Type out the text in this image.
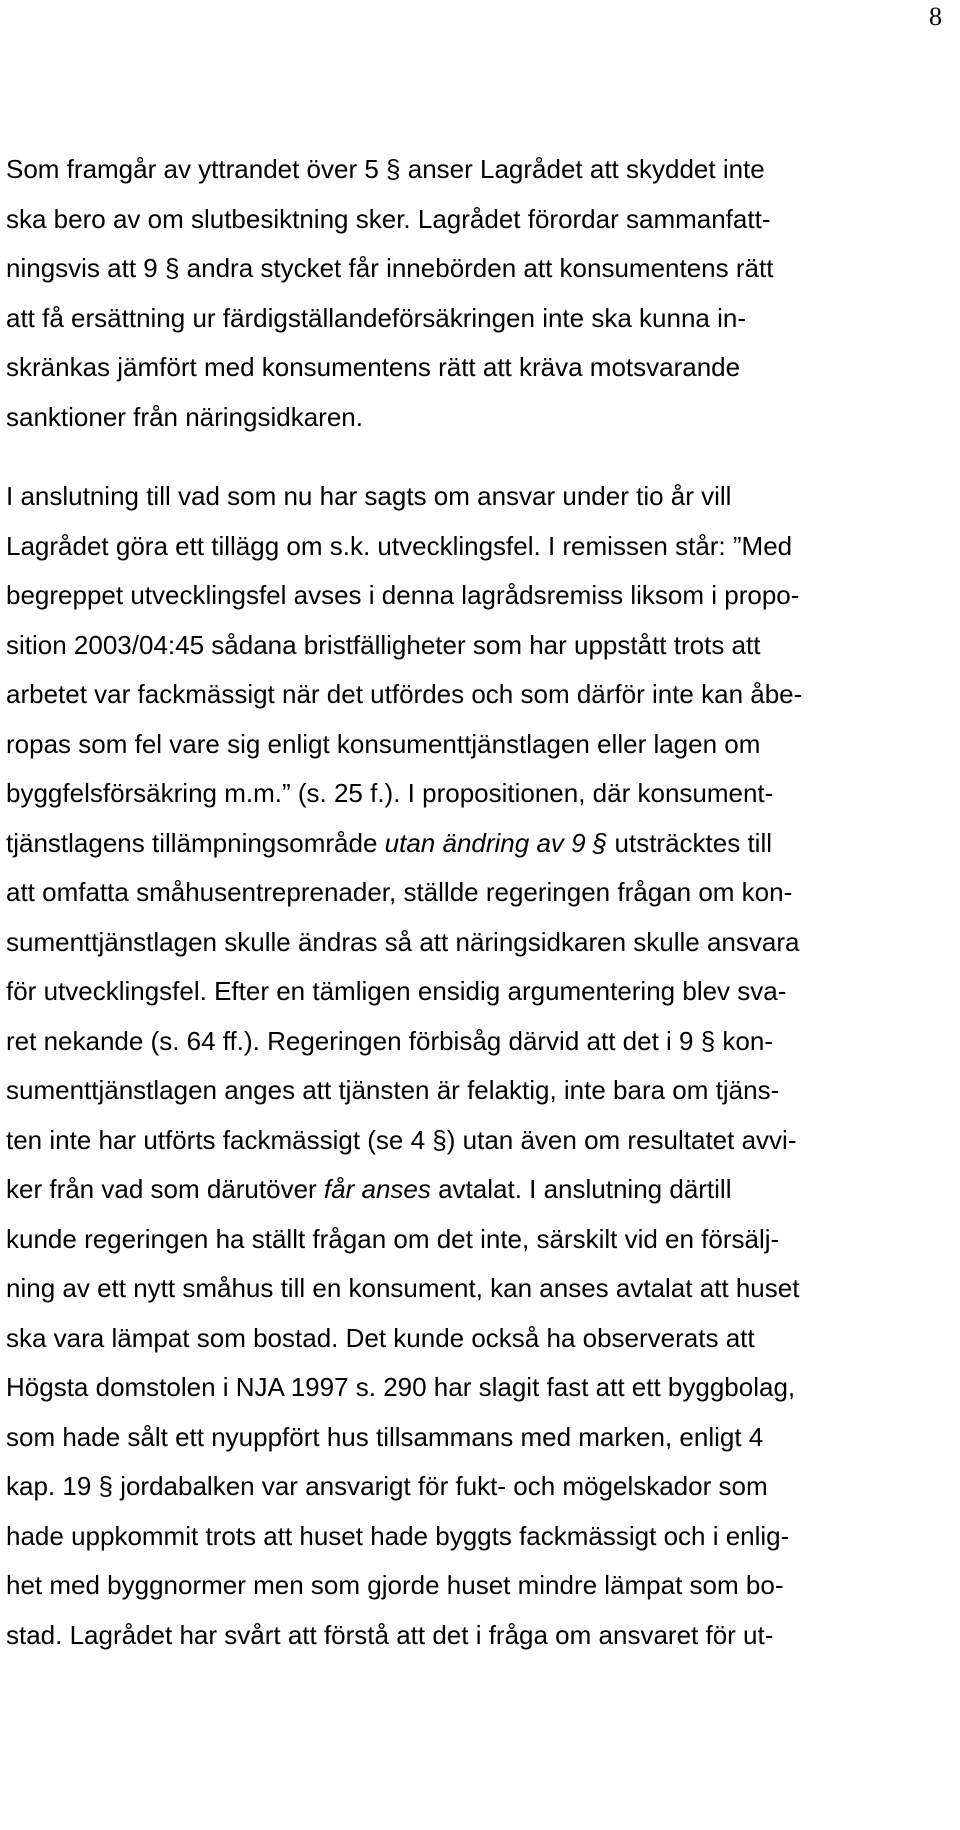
8
Som framgår av yttrandet över 5 § anser Lagrådet att skyddet inte
ska bero av om slutbesiktning sker. Lagrådet förordar sammanfatt-
ningsvis att 9 § andra stycket får innebörden att konsumentens rätt
att få ersättning ur färdigställandeförsäkringen inte ska kunna in-
skränkas jämfört med konsumentens rätt att kräva motsvarande
sanktioner från näringsidkaren.
I anslutning till vad som nu har sagts om ansvar under tio år vill
Lagrådet göra ett tillägg om s.k. utvecklingsfel. I remissen står: ”Med
begreppet utvecklingsfel avses i denna lagrådsremiss liksom i propo-
sition 2003/04:45 sådana bristfälligheter som har uppstått trots att
arbetet var fackmässigt när det utfördes och som därför inte kan åbe-
ropas som fel vare sig enligt konsumenttjänstlagen eller lagen om
byggfelsförsäkring m.m.” (s. 25 f.). I propositionen, där konsument-
tjänstlagens tillämpningsområde utan ändring av 9 § utsträcktes till
att omfatta småhusentreprenader, ställde regeringen frågan om kon-
sumenttjänstlagen skulle ändras så att näringsidkaren skulle ansvara
för utvecklingsfel. Efter en tämligen ensidig argumentering blev sva-
ret nekande (s. 64 ff.). Regeringen förbisåg därvid att det i 9 § kon-
sumenttjänstlagen anges att tjänsten är felaktig, inte bara om tjäns-
ten inte har utförts fackmässigt (se 4 §) utan även om resultatet avvi-
ker från vad som därutöver får anses avtalat. I anslutning därtill
kunde regeringen ha ställt frågan om det inte, särskilt vid en försälj-
ning av ett nytt småhus till en konsument, kan anses avtalat att huset
ska vara lämpat som bostad. Det kunde också ha observerats att
Högsta domstolen i NJA 1997 s. 290 har slagit fast att ett byggbolag,
som hade sålt ett nyuppfört hus tillsammans med marken, enligt 4
kap. 19 § jordabalken var ansvarigt för fukt- och mögelskador som
hade uppkommit trots att huset hade byggts fackmässigt och i enlig-
het med byggnormer men som gjorde huset mindre lämpat som bo-
stad. Lagrådet har svårt att förstå att det i fråga om ansvaret för ut-
